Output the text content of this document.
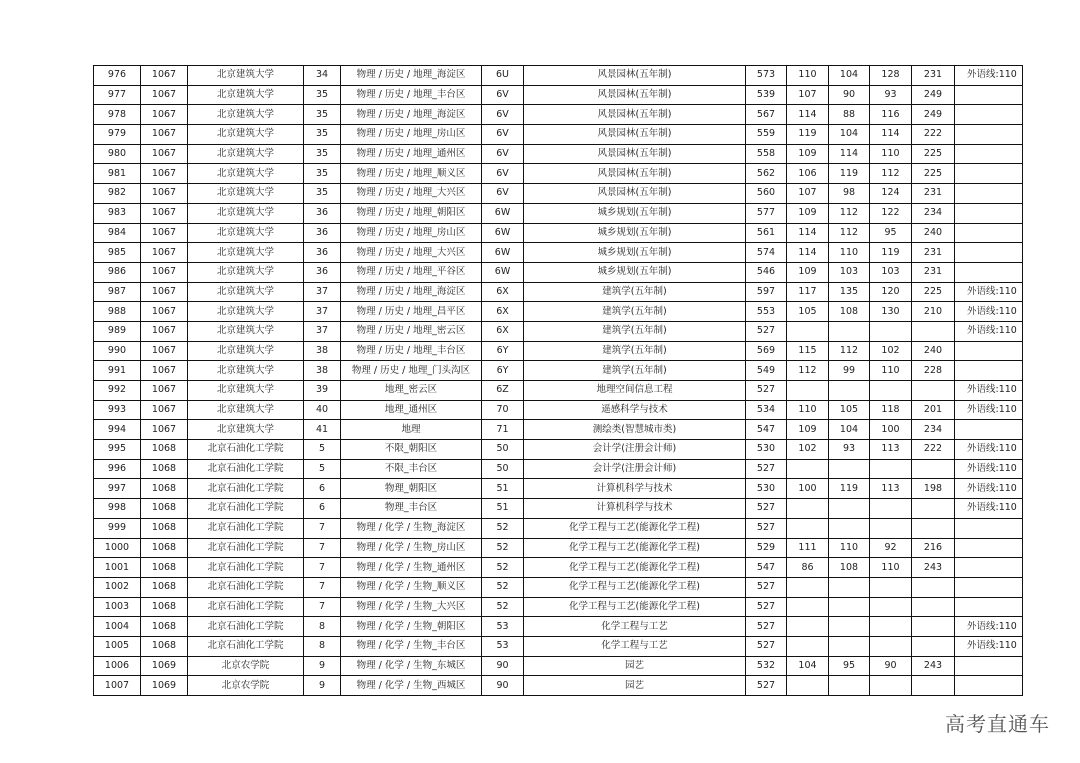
976	1067	北京建筑大学	34	物理 / 历史 / 地理_海淀区	6U	风景园林(五年制)	573	110	104	128	231	外语线:110
977	1067	北京建筑大学	35	物理 / 历史 / 地理_丰台区	6V	风景园林(五年制)	539	107	90	93	249	
978	1067	北京建筑大学	35	物理 / 历史 / 地理_海淀区	6V	风景园林(五年制)	567	114	88	116	249	
979	1067	北京建筑大学	35	物理 / 历史 / 地理_房山区	6V	风景园林(五年制)	559	119	104	114	222	
980	1067	北京建筑大学	35	物理 / 历史 / 地理_通州区	6V	风景园林(五年制)	558	109	114	110	225	
981	1067	北京建筑大学	35	物理 / 历史 / 地理_顺义区	6V	风景园林(五年制)	562	106	119	112	225	
982	1067	北京建筑大学	35	物理 / 历史 / 地理_大兴区	6V	风景园林(五年制)	560	107	98	124	231	
983	1067	北京建筑大学	36	物理 / 历史 / 地理_朝阳区	6W	城乡规划(五年制)	577	109	112	122	234	
984	1067	北京建筑大学	36	物理 / 历史 / 地理_房山区	6W	城乡规划(五年制)	561	114	112	95	240	
985	1067	北京建筑大学	36	物理 / 历史 / 地理_大兴区	6W	城乡规划(五年制)	574	114	110	119	231	
986	1067	北京建筑大学	36	物理 / 历史 / 地理_平谷区	6W	城乡规划(五年制)	546	109	103	103	231	
987	1067	北京建筑大学	37	物理 / 历史 / 地理_海淀区	6X	建筑学(五年制)	597	117	135	120	225	外语线:110
988	1067	北京建筑大学	37	物理 / 历史 / 地理_昌平区	6X	建筑学(五年制)	553	105	108	130	210	外语线:110
989	1067	北京建筑大学	37	物理 / 历史 / 地理_密云区	6X	建筑学(五年制)	527					外语线:110
990	1067	北京建筑大学	38	物理 / 历史 / 地理_丰台区	6Y	建筑学(五年制)	569	115	112	102	240	
991	1067	北京建筑大学	38	物理 / 历史 / 地理_门头沟区	6Y	建筑学(五年制)	549	112	99	110	228	
992	1067	北京建筑大学	39	地理_密云区	6Z	地理空间信息工程	527					外语线:110
993	1067	北京建筑大学	40	地理_通州区	70	遥感科学与技术	534	110	105	118	201	外语线:110
994	1067	北京建筑大学	41	地理	71	测绘类(智慧城市类)	547	109	104	100	234	
995	1068	北京石油化工学院	5	不限_朝阳区	50	会计学(注册会计师)	530	102	93	113	222	外语线:110
996	1068	北京石油化工学院	5	不限_丰台区	50	会计学(注册会计师)	527					外语线:110
997	1068	北京石油化工学院	6	物理_朝阳区	51	计算机科学与技术	530	100	119	113	198	外语线:110
998	1068	北京石油化工学院	6	物理_丰台区	51	计算机科学与技术	527					外语线:110
999	1068	北京石油化工学院	7	物理 / 化学 / 生物_海淀区	52	化学工程与工艺(能源化学工程)	527					
1000	1068	北京石油化工学院	7	物理 / 化学 / 生物_房山区	52	化学工程与工艺(能源化学工程)	529	111	110	92	216	
1001	1068	北京石油化工学院	7	物理 / 化学 / 生物_通州区	52	化学工程与工艺(能源化学工程)	547	86	108	110	243	
1002	1068	北京石油化工学院	7	物理 / 化学 / 生物_顺义区	52	化学工程与工艺(能源化学工程)	527					
1003	1068	北京石油化工学院	7	物理 / 化学 / 生物_大兴区	52	化学工程与工艺(能源化学工程)	527					
1004	1068	北京石油化工学院	8	物理 / 化学 / 生物_朝阳区	53	化学工程与工艺	527					外语线:110
1005	1068	北京石油化工学院	8	物理 / 化学 / 生物_丰台区	53	化学工程与工艺	527					外语线:110
1006	1069	北京农学院	9	物理 / 化学 / 生物_东城区	90	园艺	532	104	95	90	243	
1007	1069	北京农学院	9	物理 / 化学 / 生物_西城区	90	园艺	527					
高考直通车
